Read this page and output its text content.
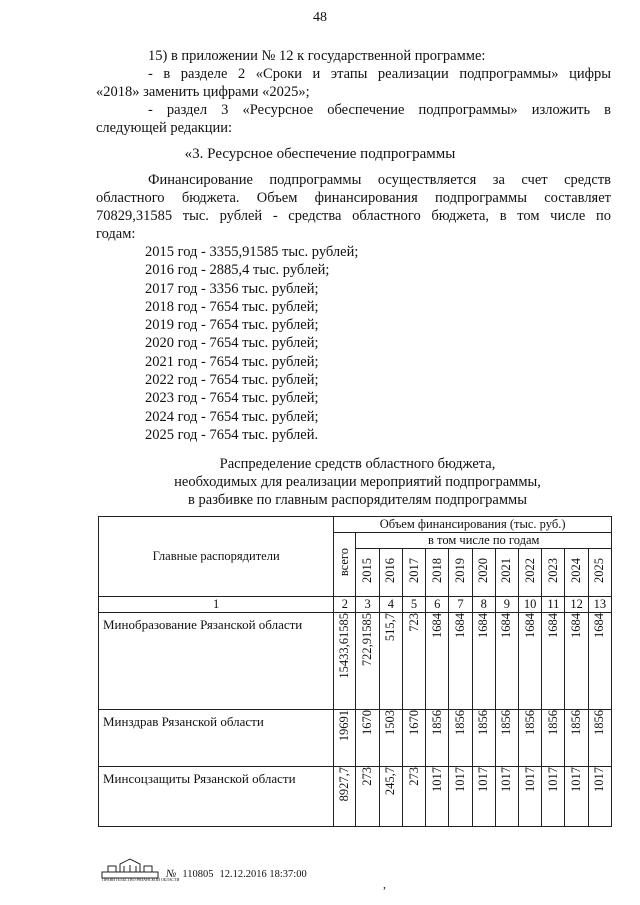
48

15) в приложении № 12 к государственной программе:

- в разделе 2 «Сроки и этапы реализации подпрограммы» цифры

«2018» заменить цифрами «2025»;

- раздел 3 «Ресурсное обеспечение подпрограммы» изложить в

следующей редакции:

«3. Ресурсное обеспечение подпрограммы

Финансирование подпрограммы осуществляется за счет средств

областного бюджета. Объем финансирования подпрограммы составляет

70829,31585 тыс. рублей - средства областного бюджета, в том числе по

годам:

2015 год - 3355,91585 тыс. рублей;
2016 год - 2885,4 тыс. рублей;
2017 год - 3356 тыс. рублей;
2018 год - 7654 тыс. рублей;
2019 год - 7654 тыс. рублей;
2020 год - 7654 тыс. рублей;
2021 год - 7654 тыс. рублей;
2022 год - 7654 тыс. рублей;
2023 год - 7654 тыс. рублей;
2024 год - 7654 тыс. рублей;
2025 год - 7654 тыс. рублей.
Распределение средств областного бюджета,
необходимых для реализации мероприятий подпрограммы,
в разбивке по главным распорядителям подпрограммы
Главные распорядители	Объем финансирования (тыс. руб.)											
	всего	в том числе по годам										
		2015	2016	2017	2018	2019	2020	2021	2022	2023	2024	2025
1	2	3	4	5	6	7	8	9	10	11	12	13
Минобразование Рязанской области	15433,61585	722,91585	515,7	723	1684	1684	1684	1684	1684	1684	1684	1684
Минздрав Рязанской области	19691	1670	1503	1670	1856	1856	1856	1856	1856	1856	1856	1856
Минсоцзащиты Рязанской области	8927,7	273	245,7	273	1017	1017	1017	1017	1017	1017	1017	1017
ПРАВИТЕЛЬСТВО РЯЗАНСКОЙ ОБЛАСТИ
№ 110805 12.12.2016 18:37:00
,
